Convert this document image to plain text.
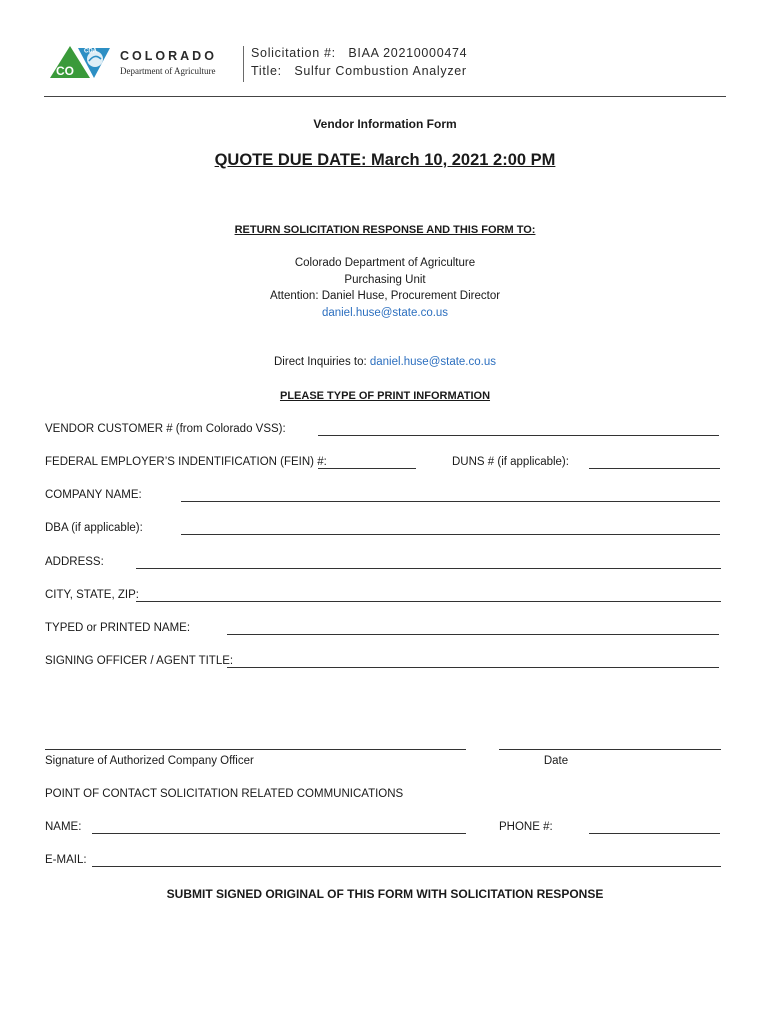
CDA
CO
COLORADO
Department of Agriculture
Solicitation #:   BIAA 20210000474
Title:   Sulfur Combustion Analyzer
Vendor Information Form
QUOTE DUE DATE: March 10, 2021 2:00 PM
RETURN SOLICITATION RESPONSE AND THIS FORM TO:
Colorado Department of Agriculture
Purchasing Unit
Attention: Daniel Huse, Procurement Director
daniel.huse@state.co.us
Direct Inquiries to: daniel.huse@state.co.us
PLEASE TYPE OF PRINT INFORMATION
VENDOR CUSTOMER # (from Colorado VSS):
FEDERAL EMPLOYER’S INDENTIFICATION (FEIN) #:	DUNS # (if applicable):
COMPANY NAME:
DBA (if applicable):
ADDRESS:
CITY, STATE, ZIP:
TYPED or PRINTED NAME:
SIGNING OFFICER / AGENT TITLE:
Signature of Authorized Company Officer	Date
POINT OF CONTACT SOLICITATION RELATED COMMUNICATIONS
NAME:	PHONE #:
E-MAIL:
SUBMIT SIGNED ORIGINAL OF THIS FORM WITH SOLICITATION RESPONSE
